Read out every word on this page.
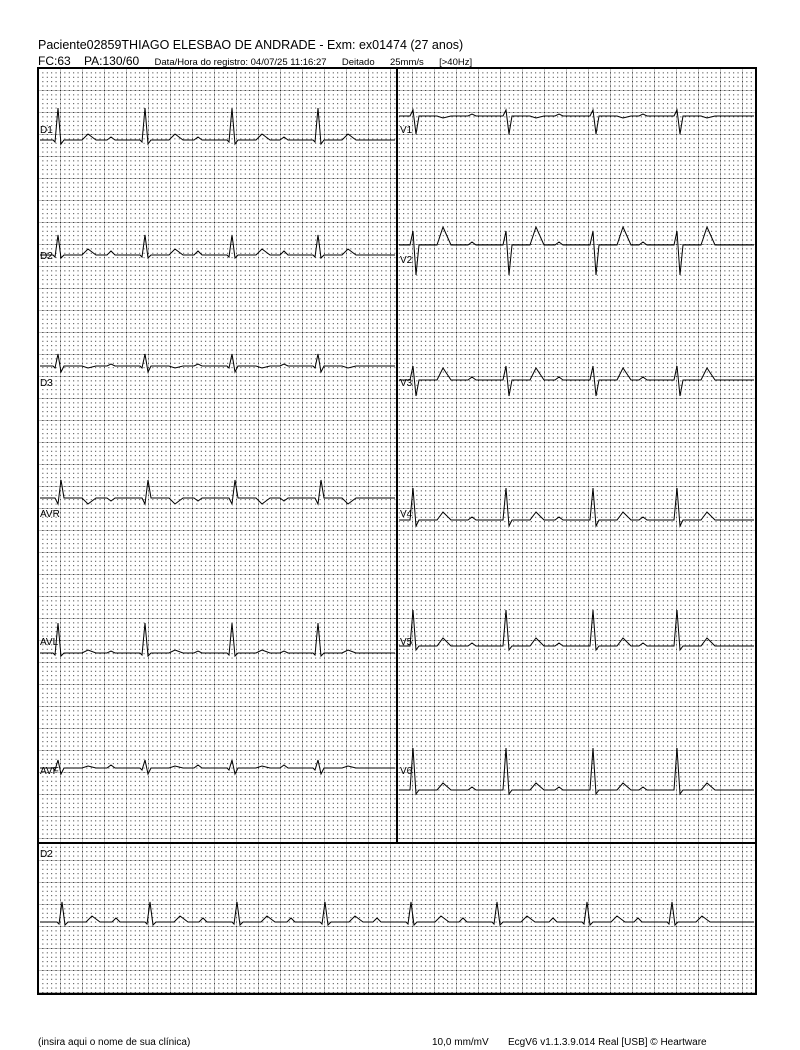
Paciente02859THIAGO ELESBAO DE ANDRADE - Exm: ex01474 (27 anos)
FC:63 PA:130/60 Data/Hora do registro: 04/07/25 11:16:27 Deitado 25mm/s [>40Hz]
D1
D2
D3
AVR
AVL
AVF
V1
V2
V3
V4
V5
V6
D2
(insira aqui o nome de sua clínica)	10,0 mm/mV EcgV6 v1.1.3.9.014 Real [USB] © Heartware
